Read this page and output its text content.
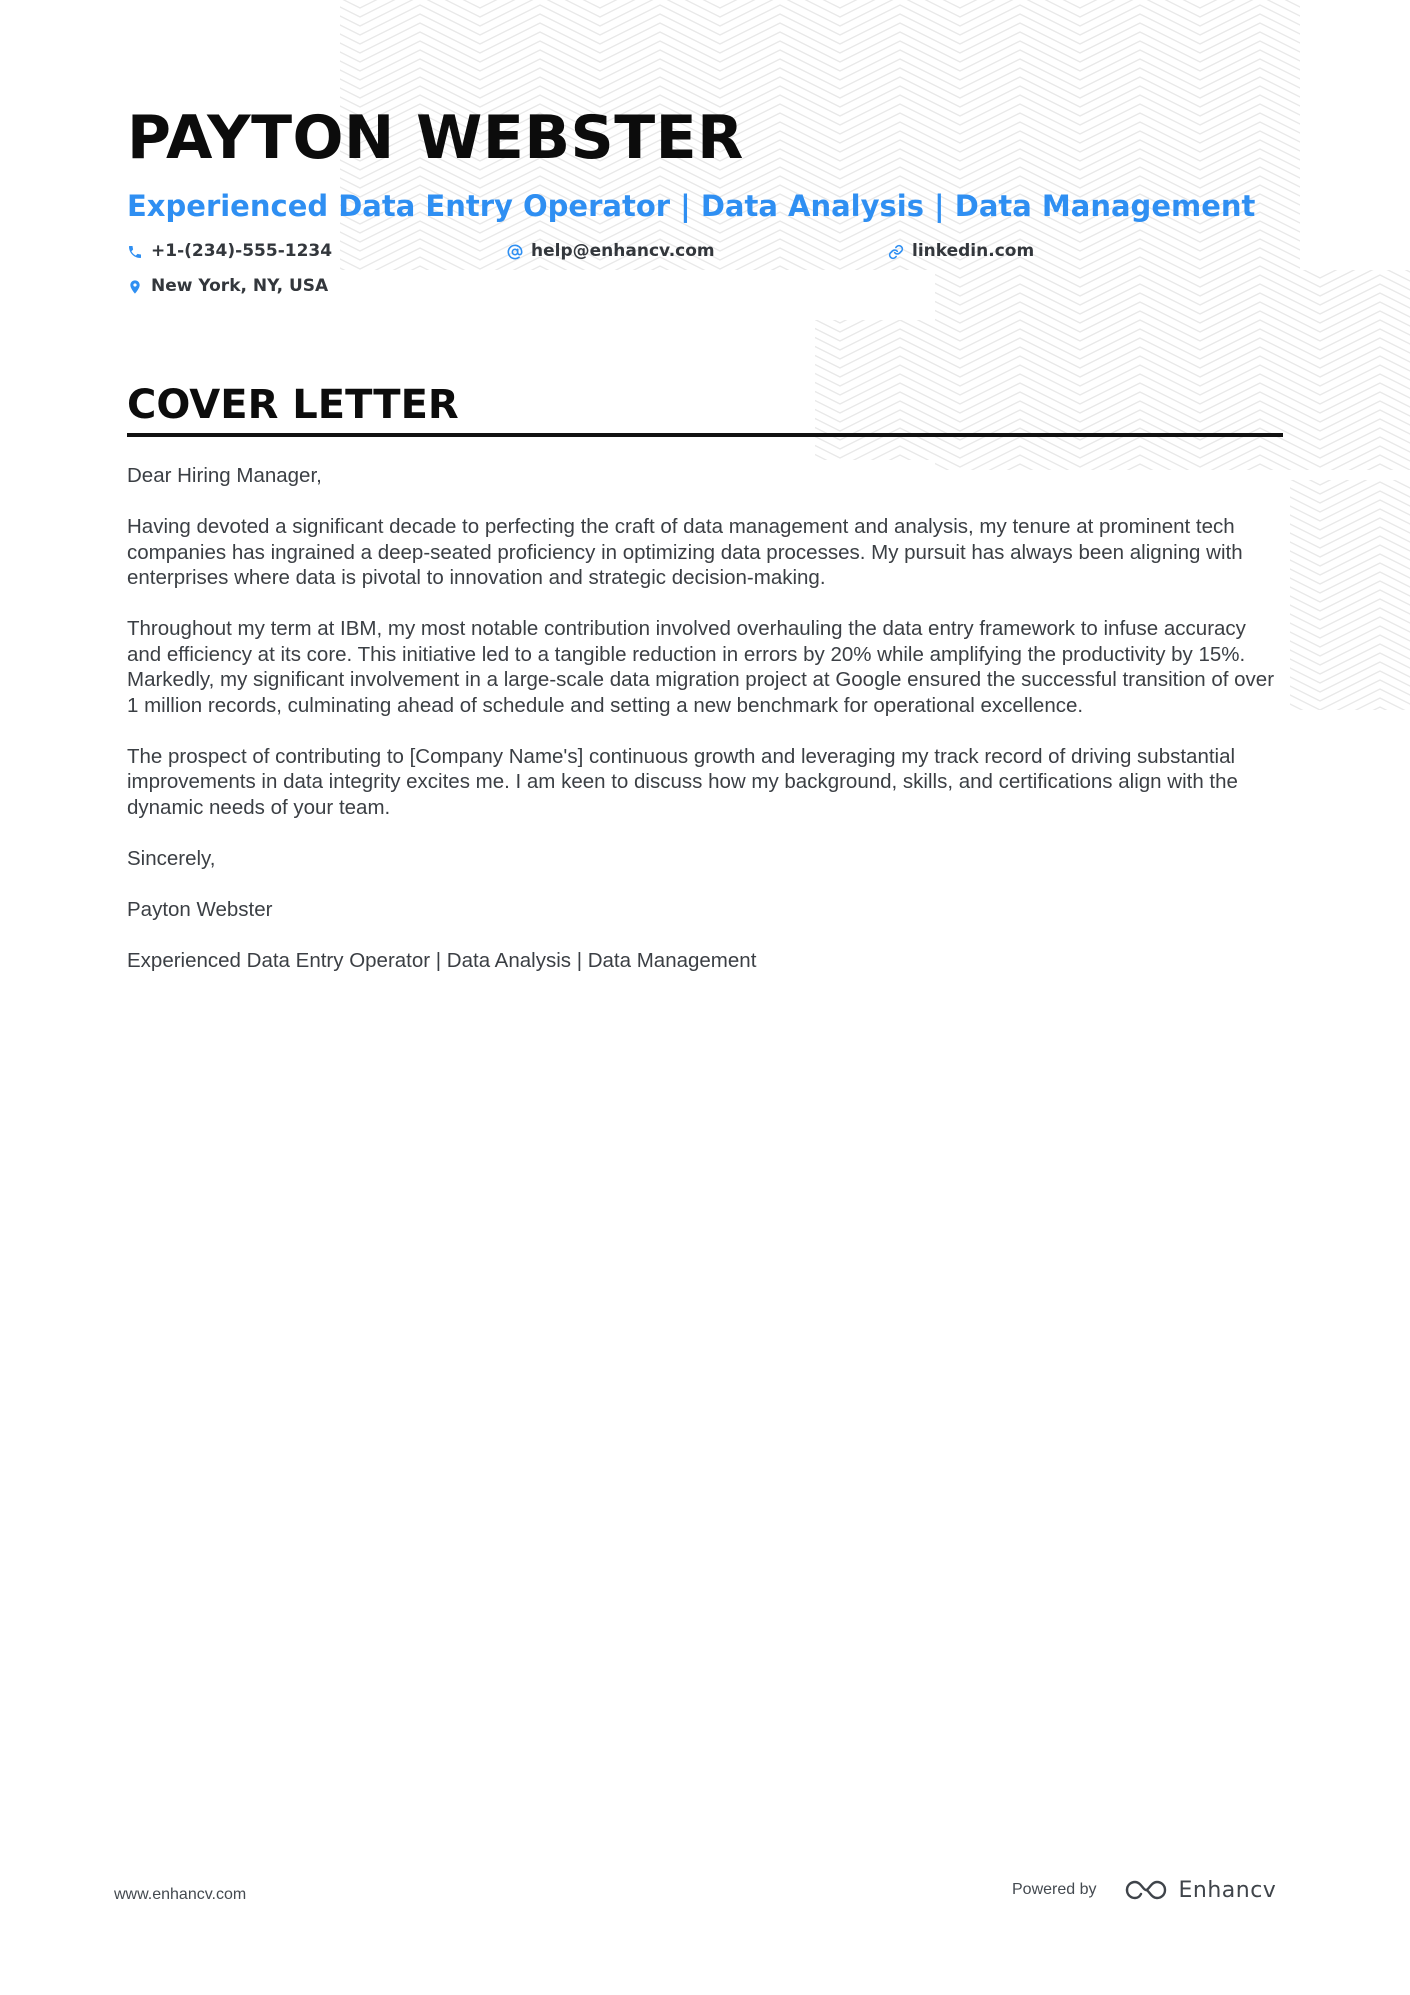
PAYTON WEBSTER
Experienced Data Entry Operator | Data Analysis | Data Management
+1-(234)-555-1234	help@enhancv.com	linkedin.com
New York, NY, USA
COVER LETTER

Dear Hiring Manager,

Having devoted a significant decade to perfecting the craft of data management and analysis, my tenure at prominent tech companies has ingrained a deep-seated proficiency in optimizing data processes. My pursuit has always been aligning with enterprises where data is pivotal to innovation and strategic decision-making.

Throughout my term at IBM, my most notable contribution involved overhauling the data entry framework to infuse accuracy and efficiency at its core. This initiative led to a tangible reduction in errors by 20% while amplifying the productivity by 15%. Markedly, my significant involvement in a large-scale data migration project at Google ensured the successful transition of over 1 million records, culminating ahead of schedule and setting a new benchmark for operational excellence.

The prospect of contributing to [Company Name's] continuous growth and leveraging my track record of driving substantial improvements in data integrity excites me. I am keen to discuss how my background, skills, and certifications align with the dynamic needs of your team.

Sincerely,

Payton Webster

Experienced Data Entry Operator | Data Analysis | Data Management

www.enhancv.com	Powered by	Enhancv
